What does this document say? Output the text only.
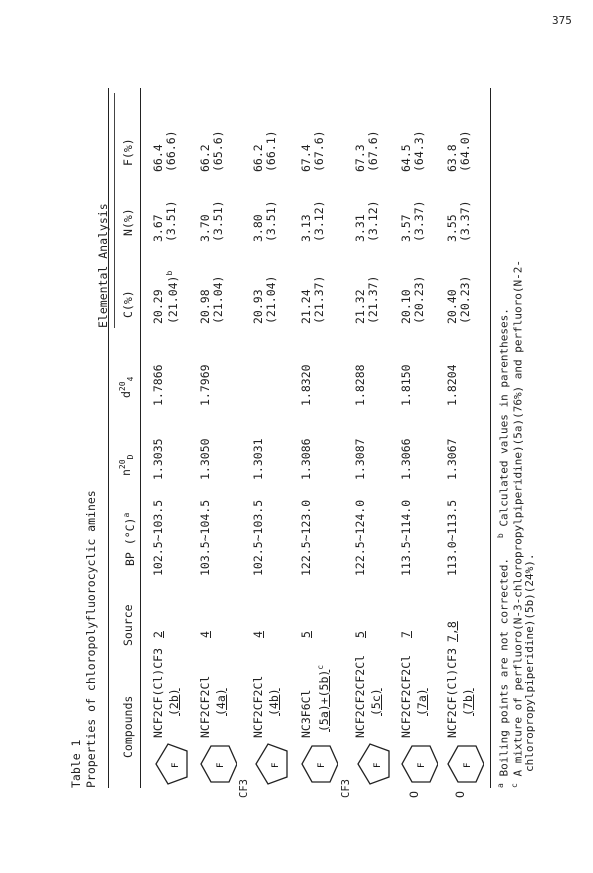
375
Table 1 Properties of chloropolyfluorocyclic amines
Elemental Analysis
Compounds
Source
BP $(^\circ C)^a$
$n^{20}_D$
$d^{20}_4$
C(%)
N(%)
F(%)
F
NCF2CF(Cl)CF3 (2b)
2
102.5~103.5
1.3035
1.7866
20.29 $(21.04)^b$
3.67 (3.51)
66.4 (66.6)
F
NCF2CF2Cl (4a)
4
103.5~104.5
1.3050
1.7969
20.98 (21.04)
3.70 (3.51)
66.2 (65.6)
CF3
F
NCF2CF2Cl (4b)
4
102.5~103.5
1.3031
20.93 (21.04)
3.80 (3.51)
66.2 (66.1)
F
NC3F6Cl $(5a)+(5b)^c$
5
122.5~123.0
1.3086
1.8320
21.24 (21.37)
3.13 (3.12)
67.4 (67.6)
CF3
F
NCF2CF2CF2Cl (5c)
5
122.5~124.0
1.3087
1.8288
21.32 (21.37)
3.31 (3.12)
67.3 (67.6)
O
F
NCF2CF2CF2Cl (7a)
7
113.5~114.0
1.3066
1.8150
20.10 (20.23)
3.57 (3.37)
64.5 (64.3)
O
F
NCF2CF(Cl)CF3 (7b)
7,8
113.0~113.5
1.3067
1.8204
20.40 (20.23)
3.55 (3.37)
63.8 (64.0)
$^a$ Boiling points are not corrected.   $^b$ Calculated values in parentheses.
$^c$ A mixture of perfluoro(N-3-chloropropylpiperidine)(5a)(76%) and perfluoro(N-2-
chloropropylpiperidine)(5b)(24%).
